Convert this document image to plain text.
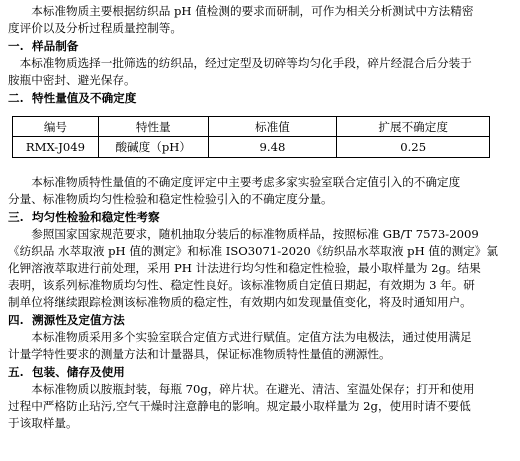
本标准物质主要根据纺织品 pH 值检测的要求而研制，可作为相关分析测试中方法精密
度评价以及分析过程质量控制等。
一. 样品制备
本标准物质选择一批筛选的纺织品，经过定型及切碎等均匀化手段，碎片经混合后分装于
胺瓶中密封、避光保存。
二. 特性量值及不确定度
编号	特性量	标准值	扩展不确定度
RMX-J049	酸碱度（pH）	9.48	0.25
本标准物质特性量值的不确定度评定中主要考虑多家实验室联合定值引入的不确定度
分量、标准物质均匀性检验和稳定性检验引入的不确定度分量。
三. 均匀性检验和稳定性考察
参照国家国家规范要求，随机抽取分装后的标准物质样品，按照标准 GB/T 7573-2009
《纺织品 水萃取液 pH 值的测定》和标准 ISO3071-2020《纺织品水萃取液 pH 值的测定》氯
化钾溶液萃取进行前处理，采用 PH 计法进行均匀性和稳定性检验，最小取样量为 2g。结果
表明，该系列标准物质均匀性、稳定性良好。该标准物质自定值日期起，有效期为 3 年。研
制单位将继续跟踪检测该标准物质的稳定性，有效期内如发现量值变化，将及时通知用户。
四. 溯源性及定值方法
本标准物质采用多个实验室联合定值方式进行赋值。定值方法为电极法，通过使用满足
计量学特性要求的测量方法和计量器具，保证标准物质特性量值的溯源性。
五. 包装、储存及使用
本标准物质以胺瓶封装，每瓶 70g，碎片状。在避光、清洁、室温处保存；打开和使用
过程中严格防止玷污,空气干燥时注意静电的影响。规定最小取样量为 2g，使用时请不要低
于该取样量。
